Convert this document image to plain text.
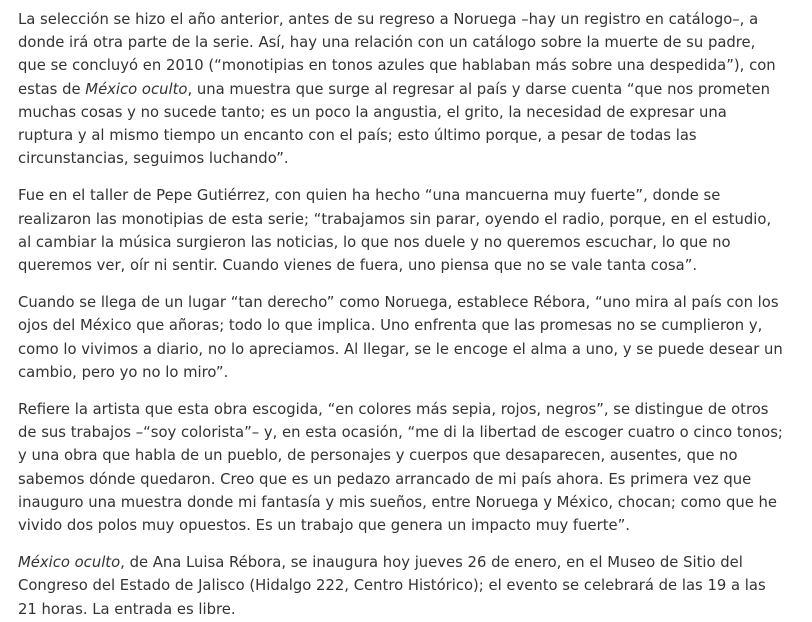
La selección se hizo el año anterior, antes de su regreso a Noruega –hay un registro en catálogo–, a donde irá otra parte de la serie. Así, hay una relación con un catálogo sobre la muerte de su padre, que se concluyó en 2010 (“monotipias en tonos azules que hablaban más sobre una despedida”), con estas de México oculto, una muestra que surge al regresar al país y darse cuenta “que nos prometen muchas cosas y no sucede tanto; es un poco la angustia, el grito, la necesidad de expresar una ruptura y al mismo tiempo un encanto con el país; esto último porque, a pesar de todas las circunstancias, seguimos luchando”.

Fue en el taller de Pepe Gutiérrez, con quien ha hecho “una mancuerna muy fuerte”, donde se realizaron las monotipias de esta serie; “trabajamos sin parar, oyendo el radio, porque, en el estudio, al cambiar la música surgieron las noticias, lo que nos duele y no queremos escuchar, lo que no queremos ver, oír ni sentir. Cuando vienes de fuera, uno piensa que no se vale tanta cosa”.

Cuando se llega de un lugar “tan derecho” como Noruega, establece Rébora, “uno mira al país con los ojos del México que añoras; todo lo que implica. Uno enfrenta que las promesas no se cumplieron y, como lo vivimos a diario, no lo apreciamos. Al llegar, se le encoge el alma a uno, y se puede desear un cambio, pero yo no lo miro”.

Refiere la artista que esta obra escogida, “en colores más sepia, rojos, negros”, se distingue de otros de sus trabajos –“soy colorista”– y, en esta ocasión, “me di la libertad de escoger cuatro o cinco tonos; y una obra que habla de un pueblo, de personajes y cuerpos que desaparecen, ausentes, que no sabemos dónde quedaron. Creo que es un pedazo arrancado de mi país ahora. Es primera vez que inauguro una muestra donde mi fantasía y mis sueños, entre Noruega y México, chocan; como que he vivido dos polos muy opuestos. Es un trabajo que genera un impacto muy fuerte”.

México oculto, de Ana Luisa Rébora, se inaugura hoy jueves 26 de enero, en el Museo de Sitio del Congreso del Estado de Jalisco (Hidalgo 222, Centro Histórico); el evento se celebrará de las 19 a las 21 horas. La entrada es libre.
